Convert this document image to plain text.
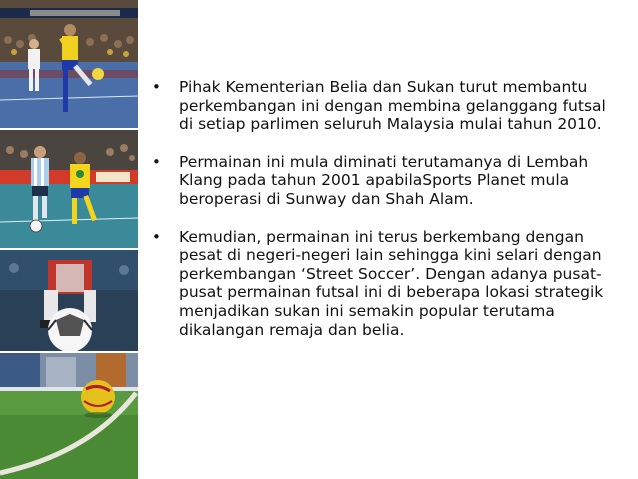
• Pihak Kementerian Belia dan Sukan turut membantu perkembangan ini dengan membina gelanggang futsal di setiap parlimen seluruh Malaysia mulai tahun 2010.
• Permainan ini mula diminati terutamanya di Lembah Klang pada tahun 2001 apabilaSports Planet mula beroperasi di Sunway dan Shah Alam.
• Kemudian, permainan ini terus berkembang dengan pesat di negeri-negeri lain sehingga kini selari dengan perkembangan ‘Street Soccer’. Dengan adanya pusat-pusat permainan futsal ini di beberapa lokasi strategik menjadikan sukan ini semakin popular terutama dikalangan remaja dan belia.
